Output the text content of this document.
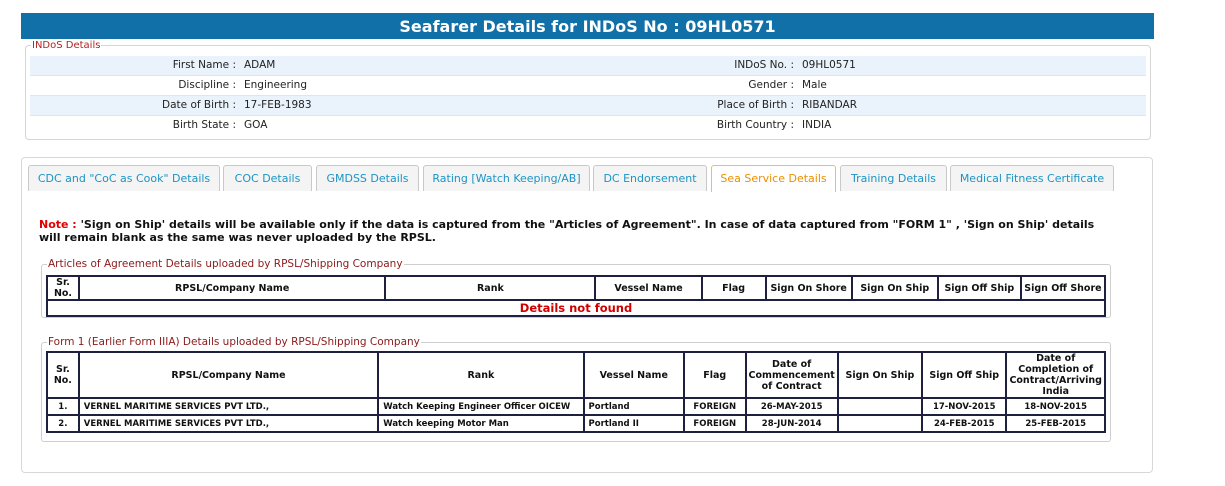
Seafarer Details for INDoS No : 09HL0571
INDoS Details
First Name : ADAM	INDoS No. : 09HL0571
Discipline : Engineering	Gender : Male
Date of Birth : 17-FEB-1983	Place of Birth : RIBANDAR
Birth State : GOA	Birth Country : INDIA
CDC and "CoC as Cook" Details	COC Details	GMDSS Details	Rating [Watch Keeping/AB]	DC Endorsement	Sea Service Details	Training Details	Medical Fitness Certificate
Note : 'Sign on Ship' details will be available only if the data is captured from the "Articles of Agreement". In case of data captured from "FORM 1" , 'Sign on Ship' details will remain blank as the same was never uploaded by the RPSL.
Articles of Agreement Details uploaded by RPSL/Shipping Company
Sr. No.	RPSL/Company Name	Rank	Vessel Name	Flag	Sign On Shore	Sign On Ship	Sign Off Ship	Sign Off Shore
Details not found
Form 1 (Earlier Form IIIA) Details uploaded by RPSL/Shipping Company
Sr. No.	RPSL/Company Name	Rank	Vessel Name	Flag	Date of Commencement of Contract	Sign On Ship	Sign Off Ship	Date of Completion of Contract/Arriving India
1.	VERNEL MARITIME SERVICES PVT LTD.,	Watch Keeping Engineer Officer OICEW	Portland	FOREIGN	26-MAY-2015		17-NOV-2015	18-NOV-2015
2.	VERNEL MARITIME SERVICES PVT LTD.,	Watch keeping Motor Man	Portland II	FOREIGN	28-JUN-2014		24-FEB-2015	25-FEB-2015
